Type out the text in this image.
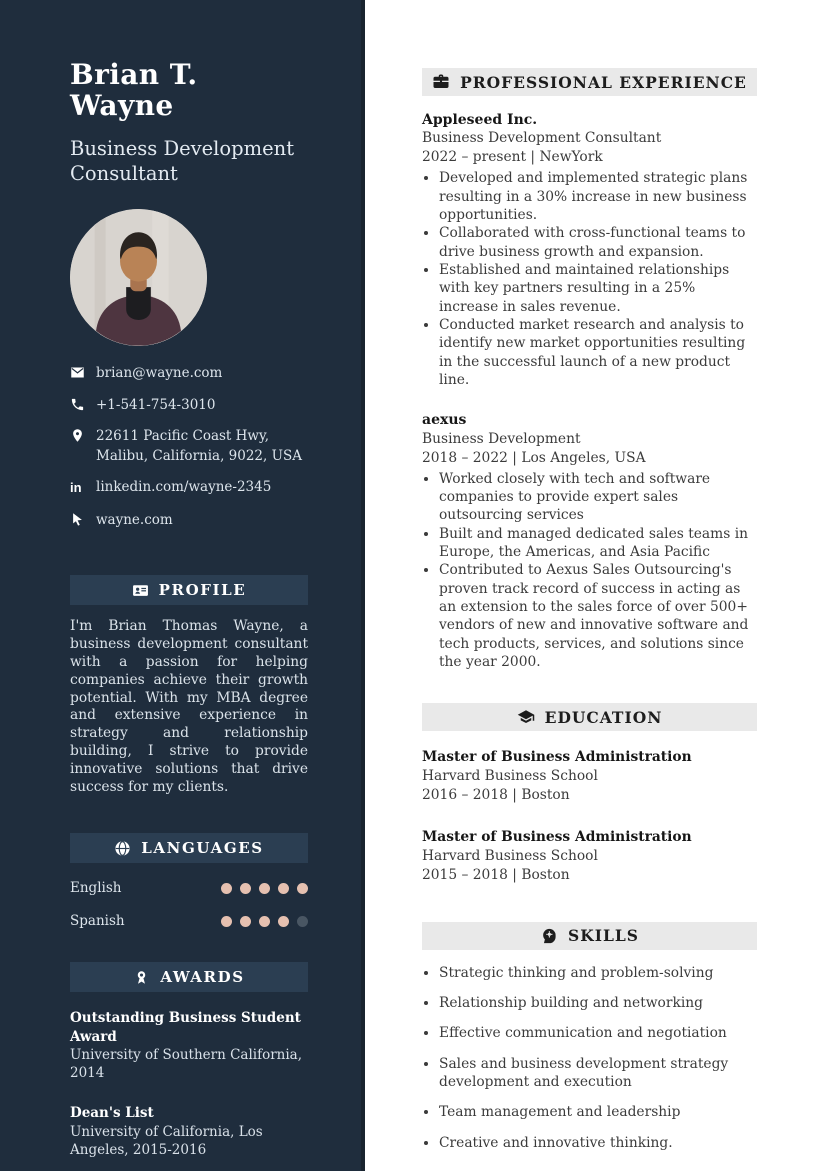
Brian T. Wayne
Business Development Consultant
brian@wayne.com
+1-541-754-3010
22611 Pacific Coast Hwy, Malibu, California, 9022, USA
in linkedin.com/wayne-2345
wayne.com
PROFILE

I'm Brian Thomas Wayne, a business development consultant with a passion for helping companies achieve their growth potential. With my MBA degree and extensive experience in strategy and relationship building, I strive to provide innovative solutions that drive success for my clients.

LANGUAGES
English
Spanish
AWARDS
Outstanding Business Student Award
University of Southern California, 2014
Dean's List
University of California, Los Angeles, 2015-2016
PROFESSIONAL EXPERIENCE
Appleseed Inc.
Business Development Consultant
2022 – present | NewYork
• Developed and implemented strategic plans resulting in a 30% increase in new business opportunities.
• Collaborated with cross-functional teams to drive business growth and expansion.
• Established and maintained relationships with key partners resulting in a 25% increase in sales revenue.
• Conducted market research and analysis to identify new market opportunities resulting in the successful launch of a new product line.
aexus
Business Development
2018 – 2022 | Los Angeles, USA
• Worked closely with tech and software companies to provide expert sales outsourcing services
• Built and managed dedicated sales teams in Europe, the Americas, and Asia Pacific
• Contributed to Aexus Sales Outsourcing's proven track record of success in acting as an extension to the sales force of over 500+ vendors of new and innovative software and tech products, services, and solutions since the year 2000.
EDUCATION
Master of Business Administration
Harvard Business School
2016 – 2018 | Boston
Master of Business Administration
Harvard Business School
2015 – 2018 | Boston
SKILLS
• Strategic thinking and problem-solving
• Relationship building and networking
• Effective communication and negotiation
• Sales and business development strategy development and execution
• Team management and leadership
• Creative and innovative thinking.
